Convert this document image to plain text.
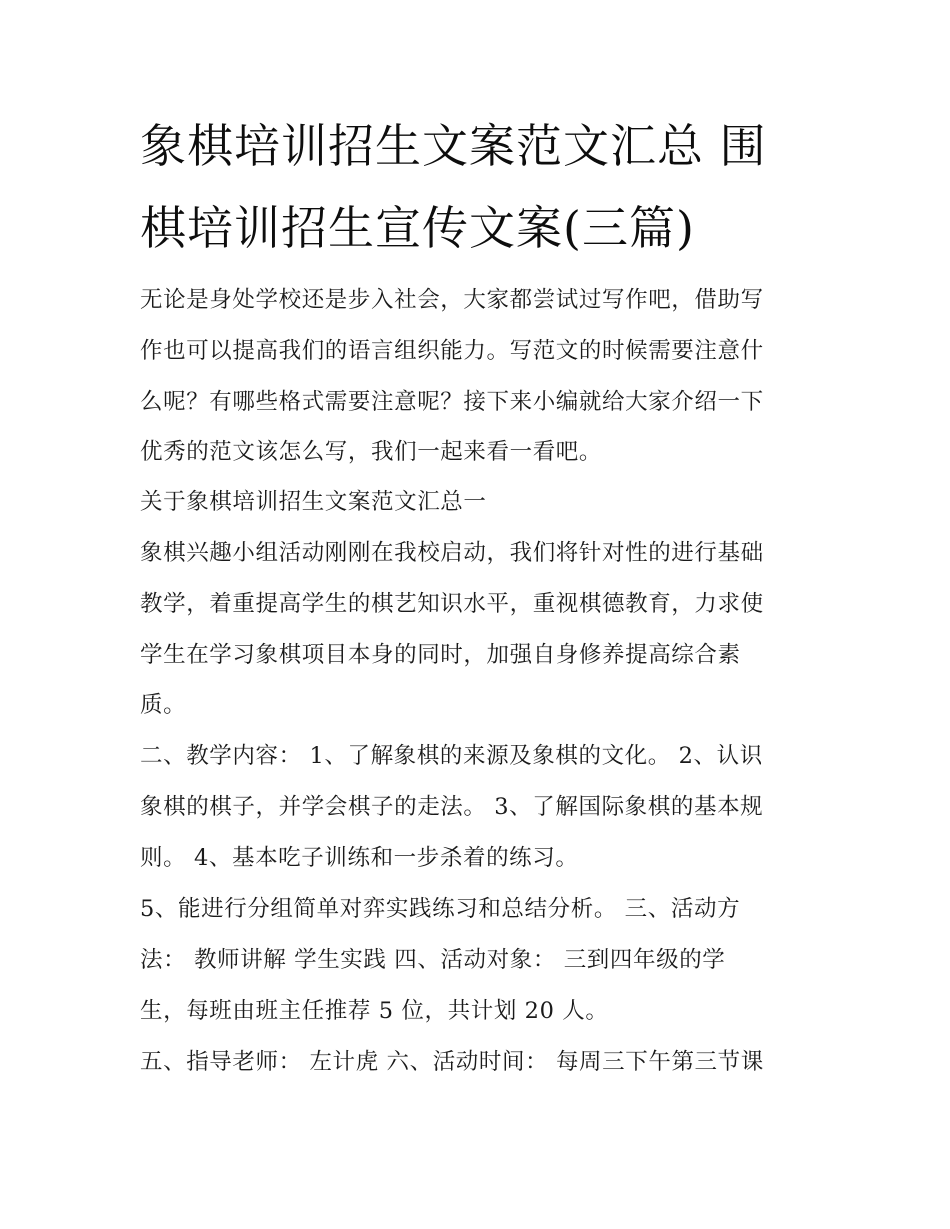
象棋培训招生文案范文汇总 围
棋培训招生宣传文案(三篇)
无论是身处学校还是步入社会，大家都尝试过写作吧，借助写
作也可以提高我们的语言组织能力。写范文的时候需要注意什
么呢？有哪些格式需要注意呢？接下来小编就给大家介绍一下
优秀的范文该怎么写，我们一起来看一看吧。
关于象棋培训招生文案范文汇总一
象棋兴趣小组活动刚刚在我校启动，我们将针对性的进行基础
教学，着重提高学生的棋艺知识水平，重视棋德教育，力求使
学生在学习象棋项目本身的同时，加强自身修养提高综合素
质。
二、教学内容： 1、了解象棋的来源及象棋的文化。 2、认识
象棋的棋子，并学会棋子的走法。 3、了解国际象棋的基本规
则。 4、基本吃子训练和一步杀着的练习。
5、能进行分组简单对弈实践练习和总结分析。 三、活动方
法： 教师讲解 学生实践 四、活动对象： 三到四年级的学
生，每班由班主任推荐 5 位，共计划 20 人。
五、指导老师： 左计虎 六、活动时间： 每周三下午第三节课
